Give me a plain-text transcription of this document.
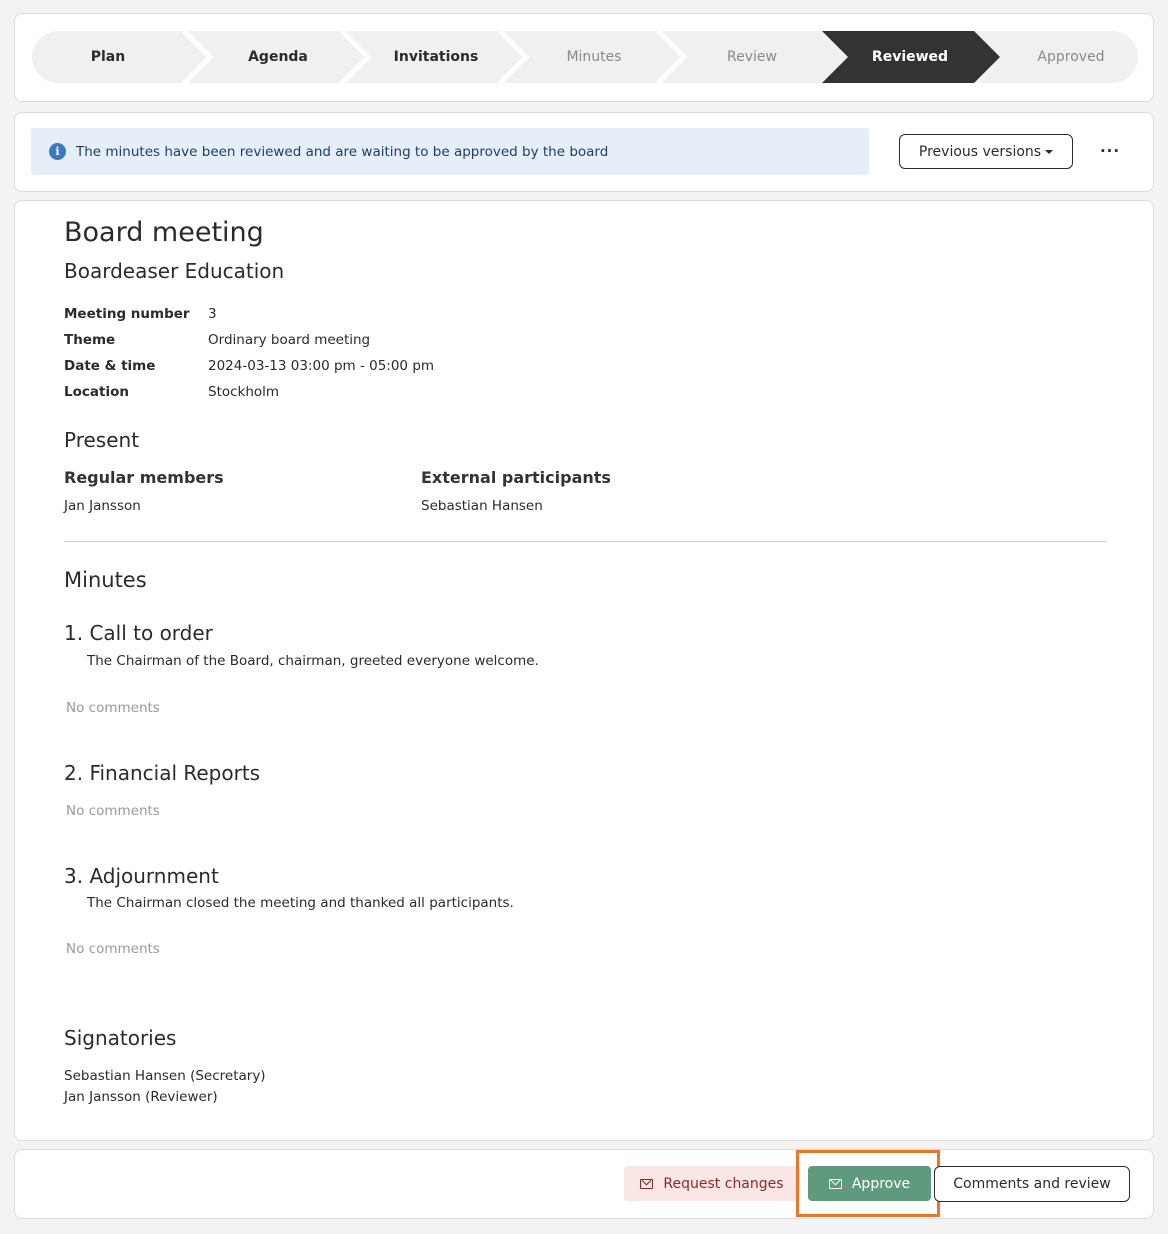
Plan	Agenda	Invitations	Minutes	Review	Reviewed	Approved
i	The minutes have been reviewed and are waiting to be approved by the board	Previous versions	···
Board meeting
Boardeaser Education
Meeting number 3
Theme	Ordinary board meeting
Date & time	2024-03-13 03:00 pm - 05:00 pm
Location	Stockholm
Present
Regular members
Jan Jansson
External participants
Sebastian Hansen
Minutes
1. Call to order
The Chairman of the Board, chairman, greeted everyone welcome.
No comments
2. Financial Reports
No comments
3. Adjournment
The Chairman closed the meeting and thanked all participants.
No comments
Signatories
Sebastian Hansen (Secretary)
Jan Jansson (Reviewer)
Request changes	Approve	Comments and review
